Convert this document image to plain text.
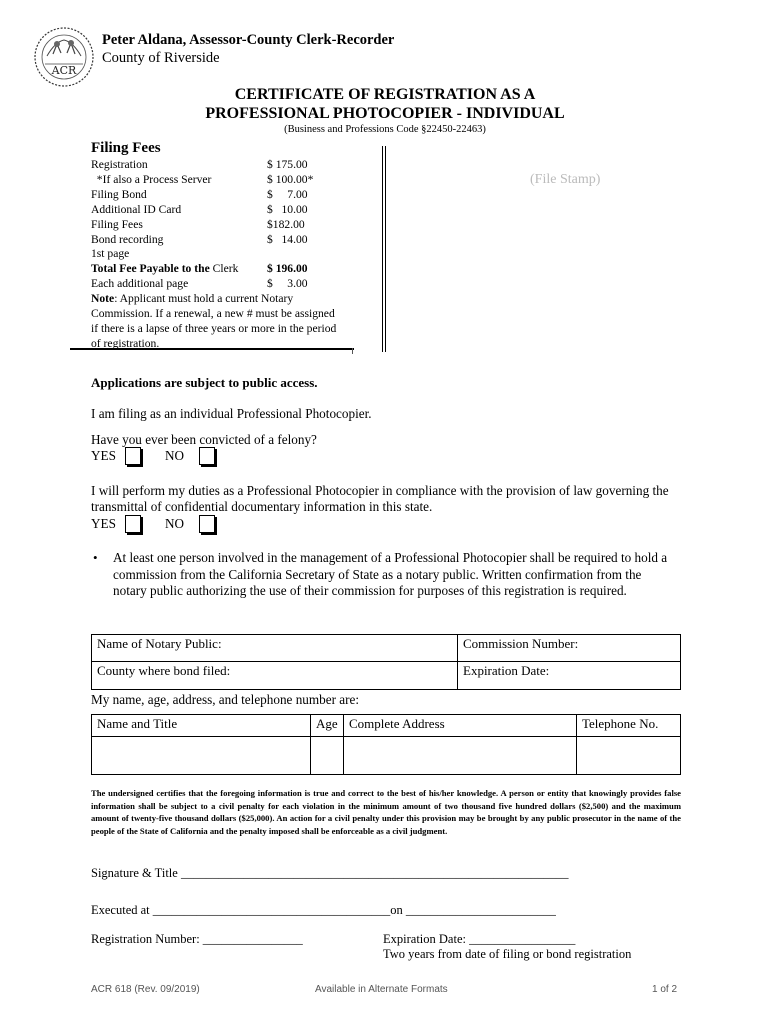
ACR
Peter Aldana, Assessor-County Clerk-Recorder
County of Riverside
CERTIFICATE OF REGISTRATION AS A
PROFESSIONAL PHOTOCOPIER - INDIVIDUAL
(Business and Professions Code §22450-22463)
Filing Fees
Registration	$ 175.00
*If also a Process Server	$ 100.00*
Filing Bond	$     7.00
Additional ID Card	$   10.00
Filing Fees	$182.00
Bond recording	$   14.00
1st page
Total Fee Payable to the Clerk	$ 196.00
Each additional page	$     3.00
Note: Applicant must hold a current Notary Commission. If a renewal, a new # must be assigned if there is a lapse of three years or more in the period of registration.
(File Stamp)
Applications are subject to public access.
I am filing as an individual Professional Photocopier.
Have you ever been convicted of a felony?
YES	NO
I will perform my duties as a Professional Photocopier in compliance with the provision of law governing the transmittal of confidential documentary information in this state.
YES	NO
• At least one person involved in the management of a Professional Photocopier shall be required to hold a commission from the California Secretary of State as a notary public. Written confirmation from the notary public authorizing the use of their commission for purposes of this registration is required.
Name of Notary Public:	Commission Number:
County where bond filed:	Expiration Date:
My name, age, address, and telephone number are:
Name and Title	Age	Complete Address	Telephone No.

The undersigned certifies that the foregoing information is true and correct to the best of his/her knowledge. A person or entity that knowingly provides false information shall be subject to a civil penalty for each violation in the minimum amount of two thousand five hundred dollars ($2,500) and the maximum amount of twenty-five thousand dollars ($25,000). An action for a civil penalty under this provision may be brought by any public prosecutor in the name of the people of the State of California and the penalty imposed shall be enforceable as a civil judgment.
Signature & Title ______________________________________________________________
Executed at ______________________________________on ________________________
Registration Number: ________________	Expiration Date: _________________
Two years from date of filing or bond registration
ACR 618 (Rev. 09/2019)	Available in Alternate Formats	1 of 2
